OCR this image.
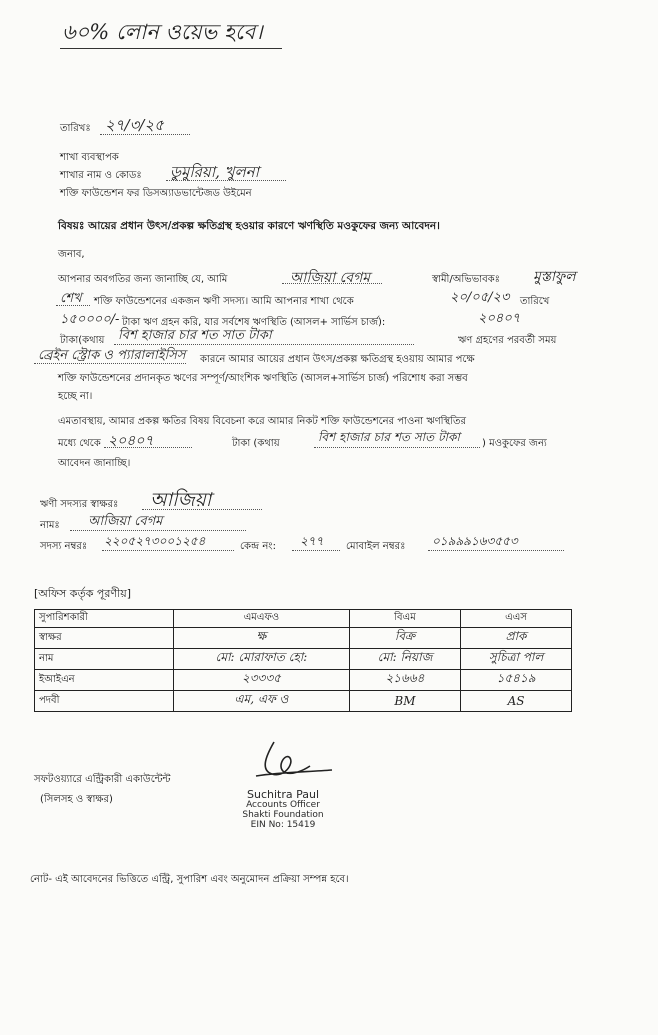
৬০% লোন ওয়েভ হবে।
তারিখঃ ২৭/৩/২৫
শাখা ব্যবস্থাপক
শাখার নাম ও কোডঃ ডুমুরিয়া, খুলনা
শক্তি ফাউন্ডেশন ফর ডিসঅ্যাডভান্টেজড উইমেন
বিষয়ঃ আয়ের প্রধান উৎস/প্রকল্প ক্ষতিগ্রস্থ হওয়ার কারণে ঋণস্থিতি মওকুফের জন্য আবেদন।
জনাব,
আপনার অবগতির জন্য জানাচ্ছি যে, আমি	আজিয়া বেগম	স্বামী/অভিভাবকঃ মুস্তাফুল
শেখ শক্তি ফাউন্ডেশনের একজন ঋণী সদস্য। আমি আপনার শাখা থেকে	২০/০৫/২৩ তারিখে
১৫০০০০/- টাকা ঋণ গ্রহন করি, যার সর্বশেষ ঋণস্থিতি (আসল+ সার্ভিস চার্জ):	২০৪০৭
টাকা(কথায় বিশ হাজার চার শত সাত টাকা	ঋণ গ্রহণের পরবর্তী সময়
ব্রেইন স্ট্রোক ও প্যারালাইসিস কারনে আমার আয়ের প্রধান উৎস/প্রকল্প ক্ষতিগ্রস্থ হওয়ায় আমার পক্ষে
শক্তি ফাউন্ডেশনের প্রদানকৃত ঋণের সম্পূর্ণ/আংশিক ঋণস্থিতি (আসল+সার্ভিস চার্জ) পরিশোধ করা সম্ভব
হচ্ছে না।
এমতাবস্থায়, আমার প্রকল্প ক্ষতির বিষয় বিবেচনা করে আমার নিকট শক্তি ফাউন্ডেশনের পাওনা ঋণস্থিতির
মধ্যে থেকে ২০৪০৭	টাকা (কথায়	বিশ হাজার চার শত সাত টাকা ) মওকুফের জন্য
আবেদন জানাচ্ছি।
ঋণী সদস্যর স্বাক্ষরঃ আজিয়া
নামঃ আজিয়া বেগম
সদস্য নম্বরঃ ২২০৫২৭৩০০১২৫৪	কেন্দ্র নং: ২৭৭ মোবাইল নম্বরঃ ০১৯৯৯১৬৩৫৫৩
[অফিস কর্তৃক পূরণীয়]
সুপারিশকারী	এমএফও	বিএম	এএস
স্বাক্ষর	ক্ষ	বিক্র	প্রাক
নাম	মো: মোরাফাত হো:	মো: নিয়াজ	সুচিত্রা পাল
ইআইএন	২৩৩৩৫	২১৬৬৪	১৫৪১৯
পদবী	এম, এফ ও	BM	AS
সফটওয়্যারে এন্ট্রিকারী একাউন্টেন্ট
(সিলসহ ও স্বাক্ষর)	Suchitra Paul
Accounts Officer
Shakti Foundation
EIN No: 15419
নোট- এই আবেদনের ভিত্তিতে এন্ট্রি, সুপারিশ এবং অনুমোদন প্রক্রিয়া সম্পন্ন হবে।
